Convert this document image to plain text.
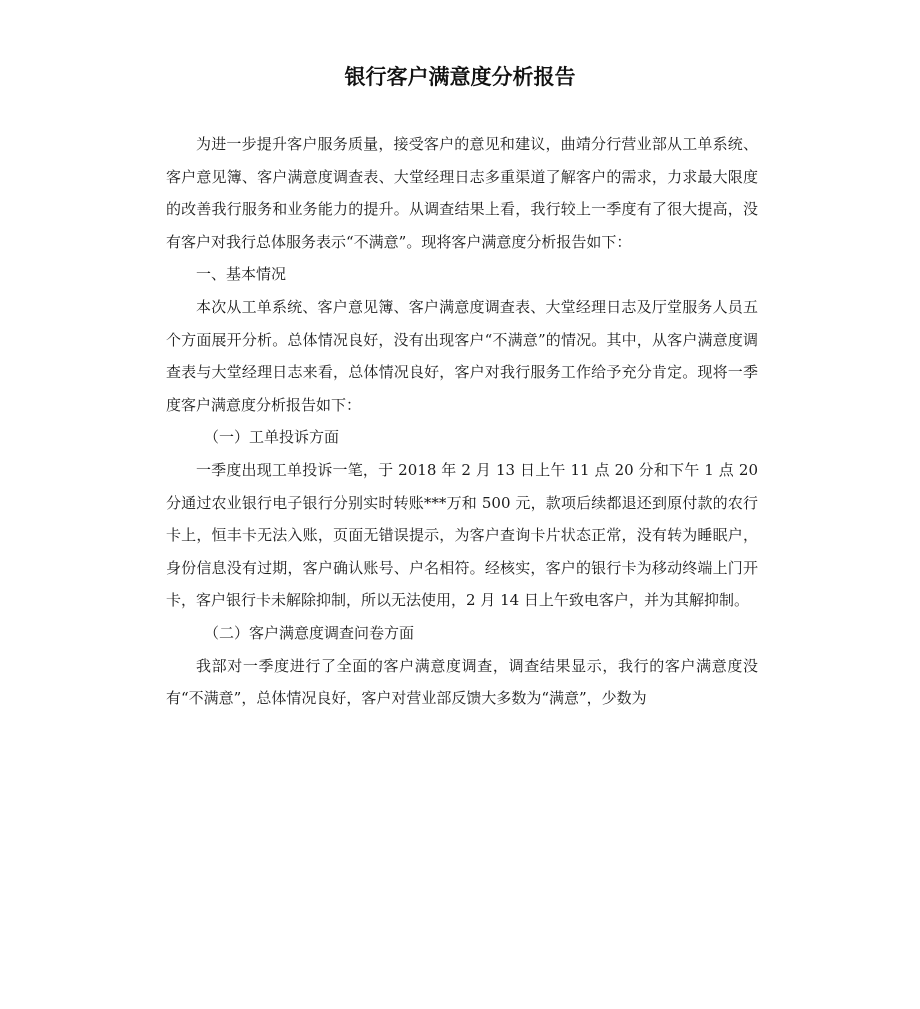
银行客户满意度分析报告

为进一步提升客户服务质量，接受客户的意见和建议，曲靖分行营业部从工单系统、客户意见簿、客户满意度调查表、大堂经理日志多重渠道了解客户的需求，力求最大限度的改善我行服务和业务能力的提升。从调查结果上看，我行较上一季度有了很大提高，没有客户对我行总体服务表示“不满意”。现将客户满意度分析报告如下：

一、基本情况

本次从工单系统、客户意见簿、客户满意度调查表、大堂经理日志及厅堂服务人员五个方面展开分析。总体情况良好，没有出现客户“不满意”的情况。其中，从客户满意度调查表与大堂经理日志来看，总体情况良好，客户对我行服务工作给予充分肯定。现将一季度客户满意度分析报告如下：

（一）工单投诉方面

一季度出现工单投诉一笔，于 2018 年 2 月 13 日上午 11 点 20 分和下午 1 点 20 分通过农业银行电子银行分别实时转账***万和 500 元，款项后续都退还到原付款的农行卡上，恒丰卡无法入账，页面无错误提示，为客户查询卡片状态正常，没有转为睡眠户，身份信息没有过期，客户确认账号、户名相符。经核实，客户的银行卡为移动终端上门开卡，客户银行卡未解除抑制，所以无法使用，2 月 14 日上午致电客户，并为其解抑制。

（二）客户满意度调查问卷方面

我部对一季度进行了全面的客户满意度调查，调查结果显示，我行的客户满意度没有“不满意”，总体情况良好，客户对营业部反馈大多数为“满意”，少数为
